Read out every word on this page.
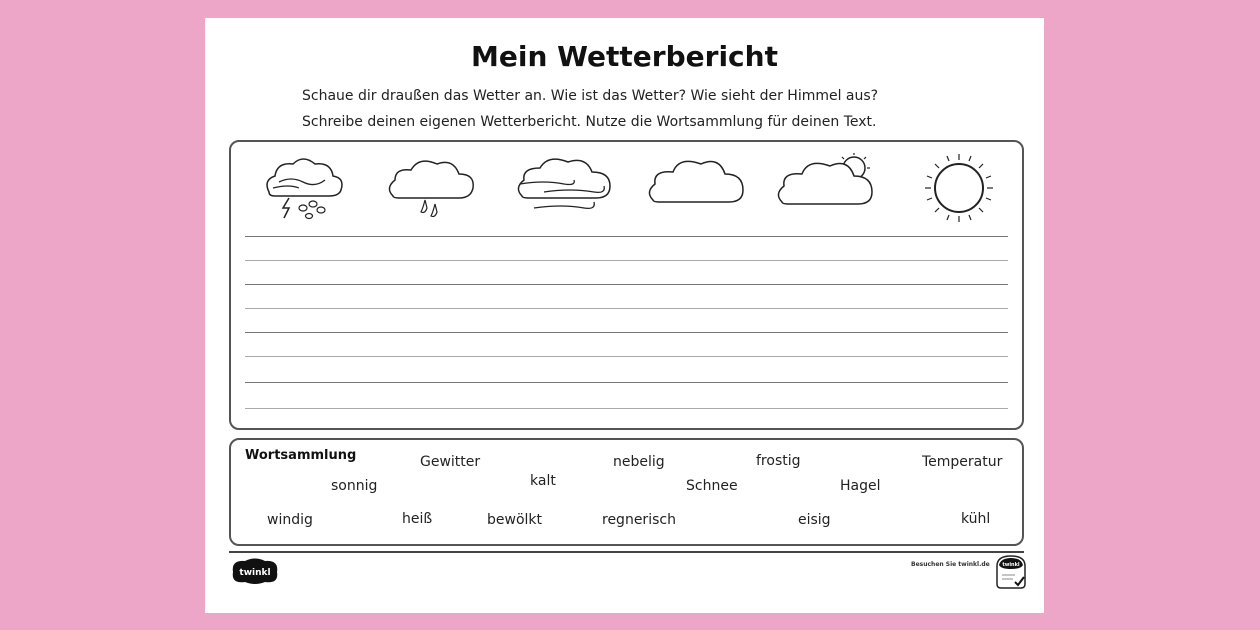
Mein Wetterbericht

Schaue dir draußen das Wetter an. Wie ist das Wetter? Wie sieht der Himmel aus?

Schreibe deinen eigenen Wetterbericht. Nutze die Wortsammlung für deinen Text.

Wortsammlung	Gewitter	nebelig	frostig	Temperatur
sonnig	kalt	Schnee	Hagel
windig	heiß	bewölkt	regnerisch	eisig	kühl
twinkl
Besuchen Sie twinkl.de	twinkl
